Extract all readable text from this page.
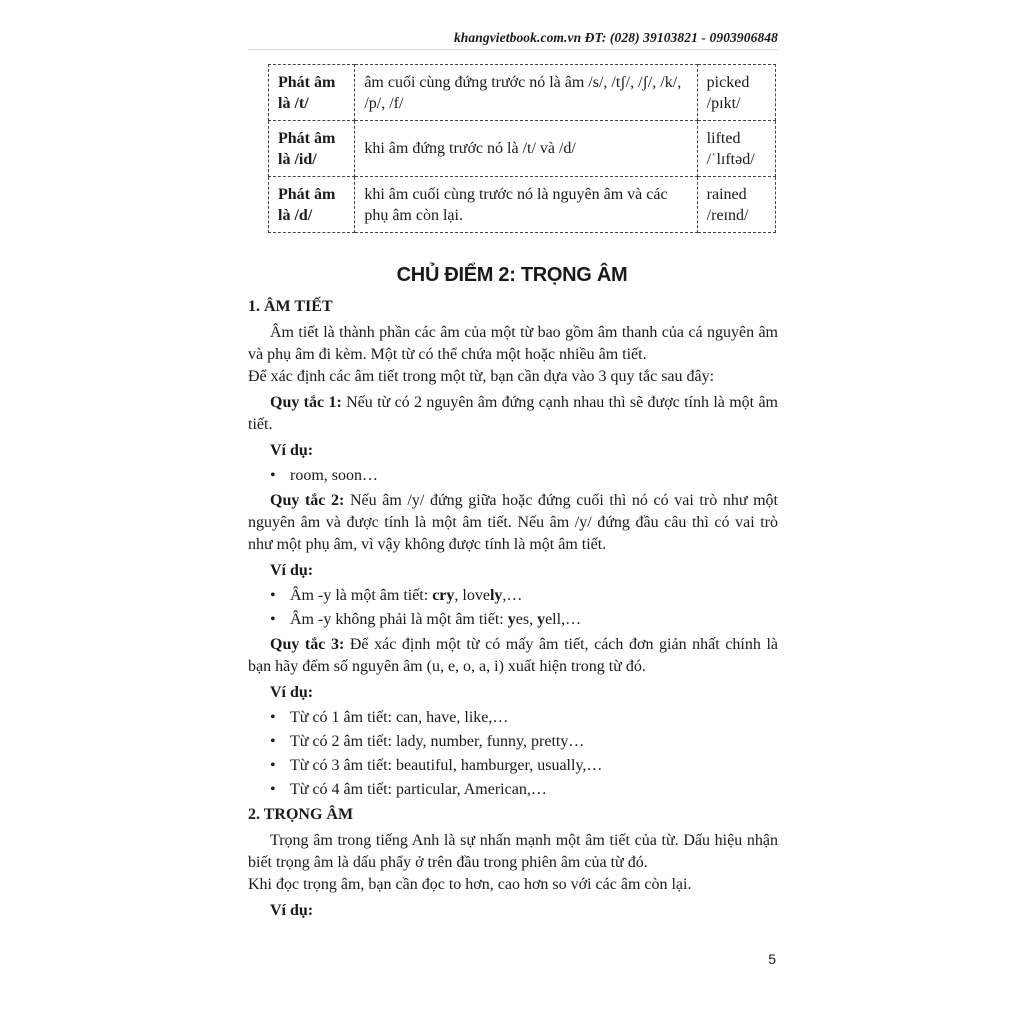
khangvietbook.com.vn ĐT: (028) 39103821 - 0903906848
Phát âm
là /t/	âm cuối cùng đứng trước nó là âm /s/, /tʃ/, /ʃ/, /k/, /p/, /f/	picked
/pɪkt/
Phát âm
là /id/	khi âm đứng trước nó là /t/ và /d/	lifted
/ˈlɪftəd/
Phát âm
là /d/	khi âm cuối cùng trước nó là nguyên âm và các phụ âm còn lại.	rained
/reɪnd/
CHỦ ĐIỂM 2: TRỌNG ÂM

1. ÂM TIẾT

Âm tiết là thành phần các âm của một từ bao gồm âm thanh của cá nguyên âm và phụ âm đi kèm. Một từ có thể chứa một hoặc nhiều âm tiết.

Để xác định các âm tiết trong một từ, bạn cần dựa vào 3 quy tắc sau đây:

Quy tắc 1: Nếu từ có 2 nguyên âm đứng cạnh nhau thì sẽ được tính là một âm tiết.

Ví dụ:

• room, soon…

Quy tắc 2: Nếu âm /y/ đứng giữa hoặc đứng cuối thì nó có vai trò như một nguyên âm và được tính là một âm tiết. Nếu âm /y/ đứng đầu câu thì có vai trò như một phụ âm, vì vậy không được tính là một âm tiết.

Ví dụ:

• Âm -y là một âm tiết: cry, lovely,…
• Âm -y không phải là một âm tiết: yes, yell,…

Quy tắc 3: Để xác định một từ có mấy âm tiết, cách đơn giản nhất chính là bạn hãy đếm số nguyên âm (u, e, o, a, i) xuất hiện trong từ đó.

Ví dụ:

• Từ có 1 âm tiết: can, have, like,…
• Từ có 2 âm tiết: lady, number, funny, pretty…
• Từ có 3 âm tiết: beautiful, hamburger, usually,…
• Từ có 4 âm tiết: particular, American,…

2. TRỌNG ÂM

Trọng âm trong tiếng Anh là sự nhấn mạnh một âm tiết của từ. Dấu hiệu nhận biết trọng âm là dấu phẩy ở trên đầu trong phiên âm của từ đó.

Khi đọc trọng âm, bạn cần đọc to hơn, cao hơn so với các âm còn lại.

Ví dụ:

5
